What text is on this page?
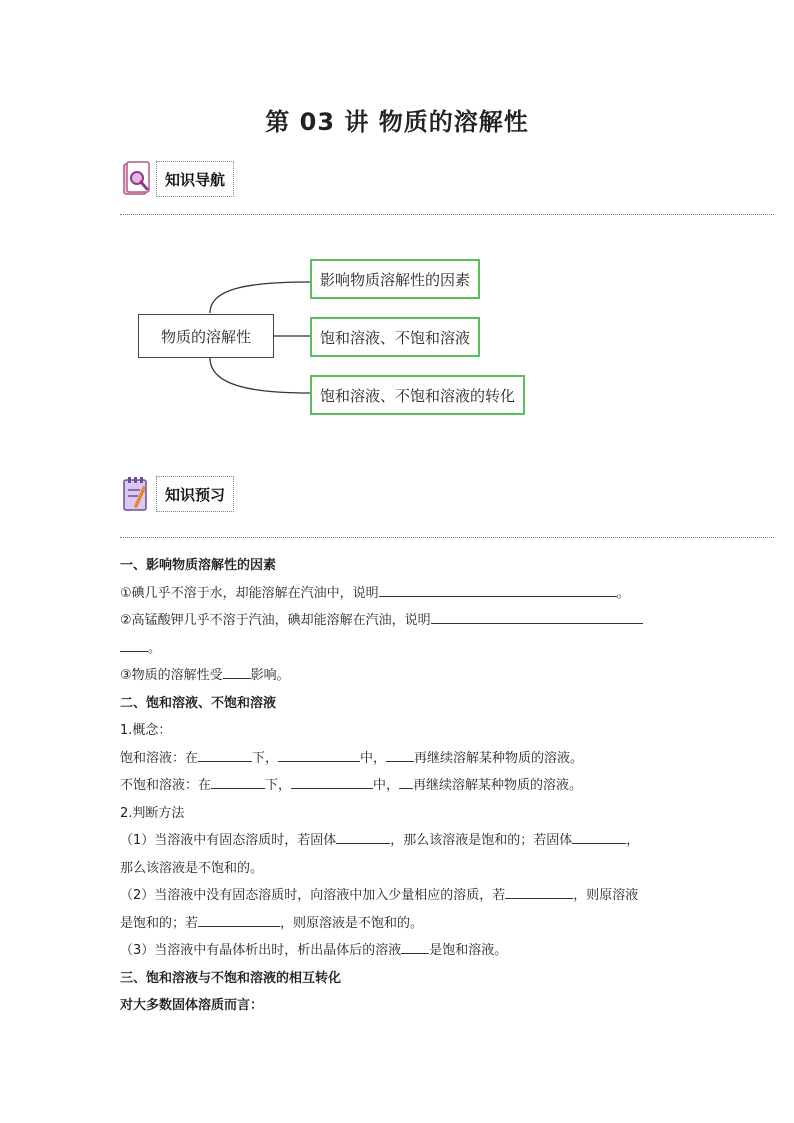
第 03 讲 物质的溶解性
知识导航
物质的溶解性
影响物质溶解性的因素
饱和溶液、不饱和溶液
饱和溶液、不饱和溶液的转化
知识预习
一、影响物质溶解性的因素
①碘几乎不溶于水，却能溶解在汽油中，说明	。
②高锰酸钾几乎不溶于汽油，碘却能溶解在汽油，说明
。
③物质的溶解性受 影响。
二、饱和溶液、不饱和溶液
1.概念：
饱和溶液：在	下，	中， 再继续溶解某种物质的溶液。
不饱和溶液：在	下，	中， 再继续溶解某种物质的溶液。
2.判断方法
（1）当溶液中有固态溶质时，若固体	，那么该溶液是饱和的；若固体	，
那么该溶液是不饱和的。
（2）当溶液中没有固态溶质时，向溶液中加入少量相应的溶质，若	，则原溶液
是饱和的；若	，则原溶液是不饱和的。
（3）当溶液中有晶体析出时，析出晶体后的溶液 是饱和溶液。
三、饱和溶液与不饱和溶液的相互转化
对大多数固体溶质而言：
